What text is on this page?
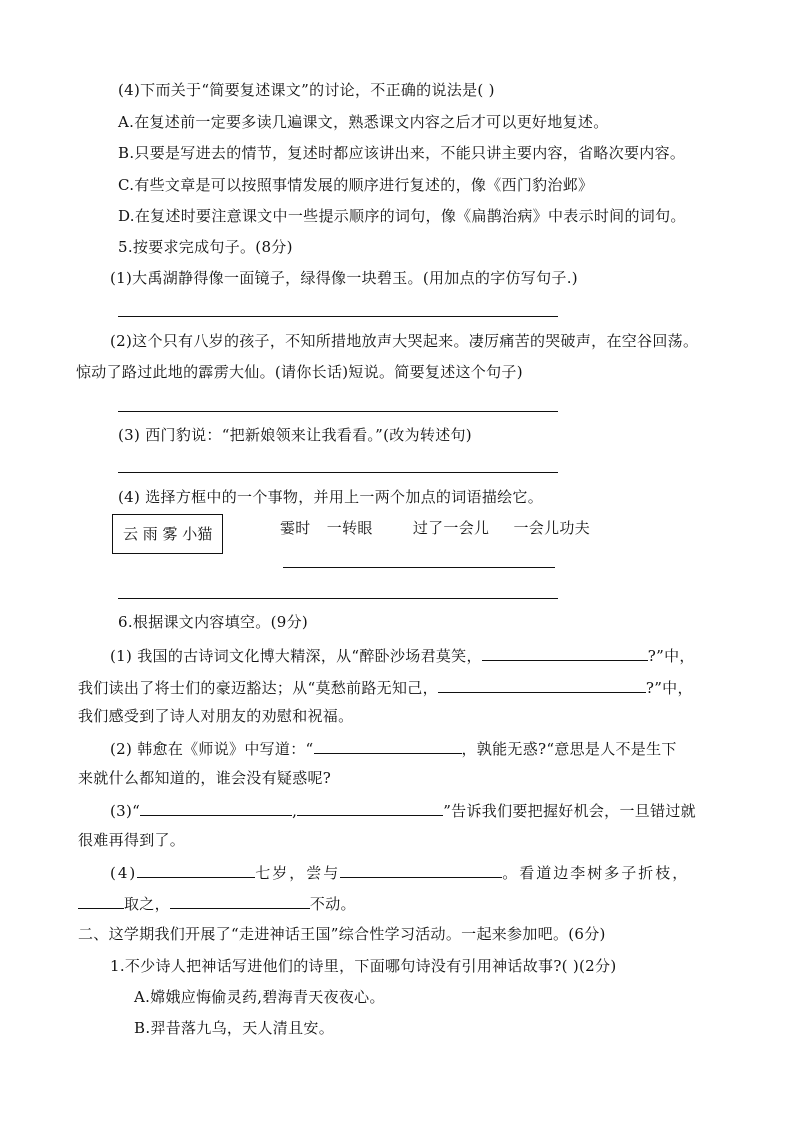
(4)下而关于“简要复述课文”的讨论，不正确的说法是( )
A.在复述前一定要多读几遍课文，熟悉课文内容之后才可以更好地复述。
B.只要是写进去的情节，复述时都应该讲出来，不能只讲主要内容，省略次要内容。
C.有些文章是可以按照事情发展的顺序进行复述的，像《西门豹治邺》
D.在复述时要注意课文中一些提示顺序的词句，像《扁鹊治病》中表示时间的词句。
5.按要求完成句子。(8分)
(1)大禹湖静得像一面镜子，绿得像一块碧玉。(用加点的字仿写句子.)
(2)这个只有八岁的孩子，不知所措地放声大哭起来。凄厉痛苦的哭破声，在空谷回荡。
惊动了路过此地的霹雳大仙。(请你长话)短说。简要复述这个句子)
(3) 西门豹说：“把新娘领来让我看看。”(改为转述句)
(4) 选择方框中的一个事物，并用上一两个加点的词语描绘它。
云 雨 雾 小猫	霎时 一转眼	过了一会儿 一会儿功夫
6.根据课文内容填空。(9分)
(1) 我国的古诗词文化博大精深，从“醉卧沙场君莫笑，	?”中，
我们读出了将士们的豪迈豁达；从“莫愁前路无知己，	?”中，
我们感受到了诗人对朋友的劝慰和祝福。
(2) 韩愈在《师说》中写道：“	，孰能无惑?“意思是人不是生下
来就什么都知道的，谁会没有疑惑呢?
(3)“	,	”告诉我们要把握好机会，一旦错过就
很难再得到了。
(4)	七岁，尝与	。看道边李树多子折枝，
取之，	不动。
二、这学期我们开展了“走进神话王国”综合性学习活动。一起来参加吧。(6分)
1.不少诗人把神话写进他们的诗里，下面哪句诗没有引用神话故事?( )(2分)
A.嫦娥应悔偷灵药,碧海青天夜夜心。
B.羿昔落九乌，天人清且安。
